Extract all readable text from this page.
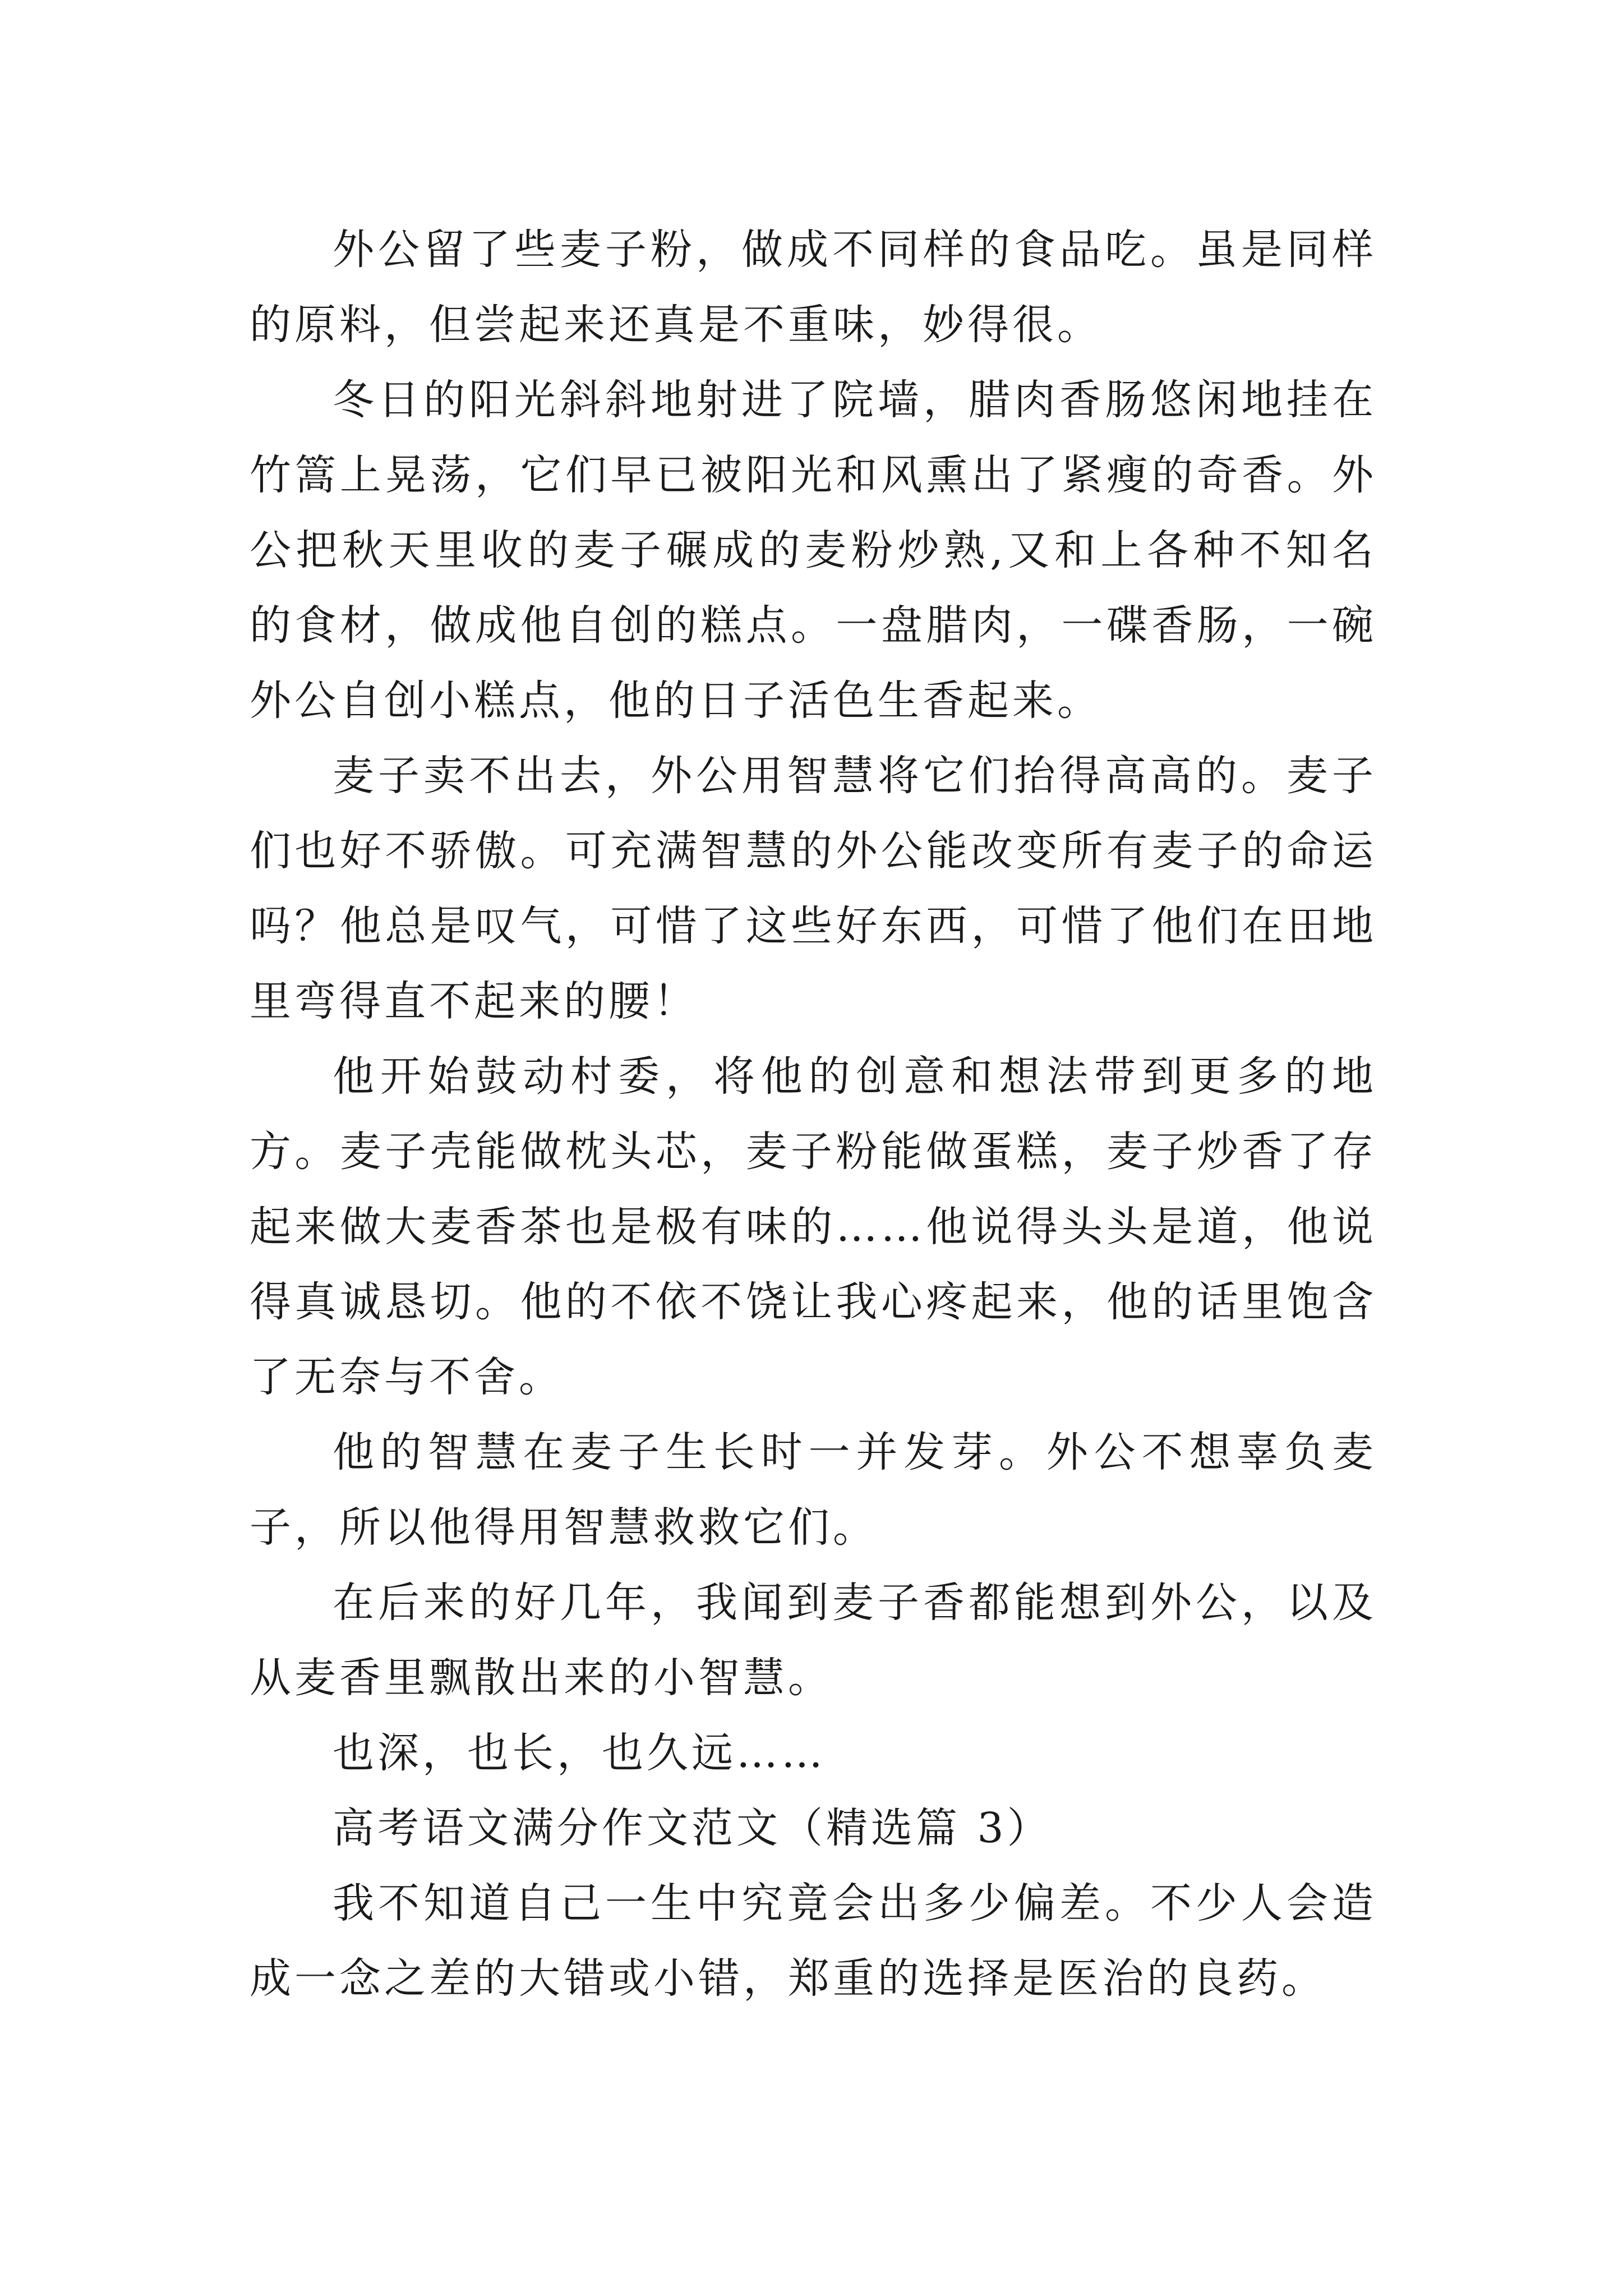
外公留了些麦子粉，做成不同样的食品吃。虽是同样的原料，但尝起来还真是不重味，妙得很。

冬日的阳光斜斜地射进了院墙，腊肉香肠悠闲地挂在竹篙上晃荡，它们早已被阳光和风熏出了紧瘦的奇香。外公把秋天里收的麦子碾成的麦粉炒熟,又和上各种不知名的食材，做成他自创的糕点。一盘腊肉，一碟香肠，一碗外公自创小糕点，他的日子活色生香起来。

麦子卖不出去，外公用智慧将它们抬得高高的。麦子们也好不骄傲。可充满智慧的外公能改变所有麦子的命运吗？他总是叹气，可惜了这些好东西，可惜了他们在田地里弯得直不起来的腰！

他开始鼓动村委，将他的创意和想法带到更多的地方。麦子壳能做枕头芯，麦子粉能做蛋糕，麦子炒香了存起来做大麦香茶也是极有味的……他说得头头是道，他说得真诚恳切。他的不依不饶让我心疼起来，他的话里饱含了无奈与不舍。

他的智慧在麦子生长时一并发芽。外公不想辜负麦子，所以他得用智慧救救它们。

在后来的好几年，我闻到麦子香都能想到外公，以及从麦香里飘散出来的小智慧。

也深，也长，也久远……

高考语文满分作文范文（精选篇 3）

我不知道自己一生中究竟会出多少偏差。不少人会造成一念之差的大错或小错，郑重的选择是医治的良药。
